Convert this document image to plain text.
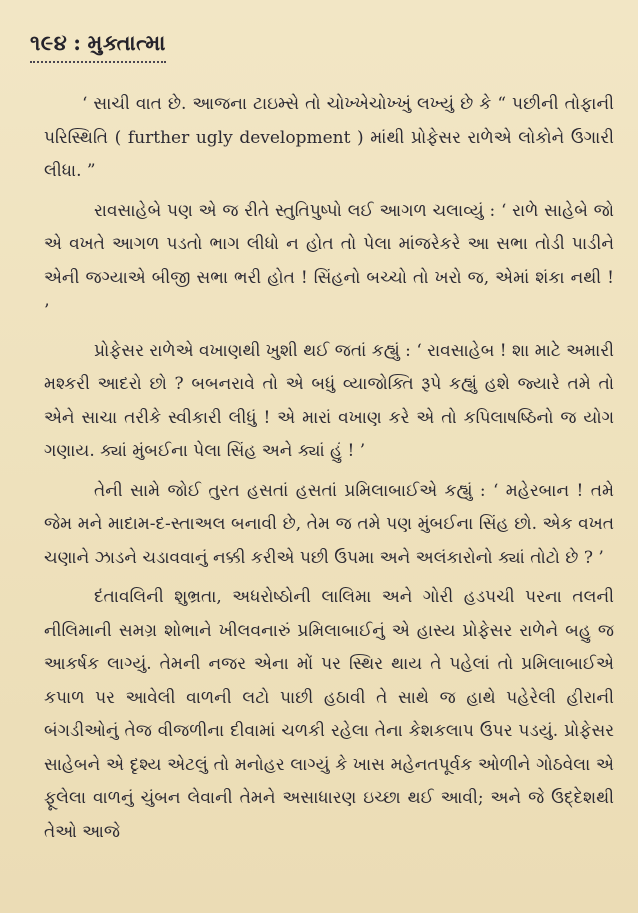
૧૯૪ : મુક્તાત્મા

‘ સાચી વાત છે. આજના ટાઇમ્સે તો ચોખ્ખેચોખ્ખું લખ્યું છે કે “ પછીની તોફાની પરિસ્થિતિ ( further ugly development ) માંથી પ્રોફેસર રાળેએ લોકોને ઉગારી લીધા. ”

રાવસાહેબે પણ એ જ રીતે સ્તુતિપુષ્પો લઈ આગળ ચલાવ્યું : ‘ રાળે સાહેબે જો એ વખતે આગળ પડતો ભાગ લીધો ન હોત તો પેલા માંજરેકરે આ સભા તોડી પાડીને એની જગ્યાએ બીજી સભા ભરી હોત ! સિંહનો બચ્ચો તો ખરો જ, એમાં શંકા નથી ! ’

પ્રોફેસર રાળેએ વખાણથી ખુશી થઈ જતાં કહ્યું : ‘ રાવસાહેબ ! શા માટે અમારી મશ્કરી આદરો છો ? બબનરાવે તો એ બધું વ્યાજોક્તિ રૂપે કહ્યું હશે જ્યારે તમે તો એને સાચા તરીકે સ્વીકારી લીધું ! એ મારાં વખાણ કરે એ તો કપિલાષષ્ઠિનો જ યોગ ગણાય. ક્યાં મુંબઈના પેલા સિંહ અને ક્યાં હું ! ’

તેની સામે જોઈ તુરત હસતાં હસતાં પ્રમિલાબાઈએ કહ્યું : ‘ મહેરબાન ! તમે જેમ મને માદામ-દ-સ્તાઅલ બનાવી છે, તેમ જ તમે પણ મુંબઈના સિંહ છો. એક વખત ચણાને ઝાડને ચડાવવાનું નક્કી કરીએ પછી ઉપમા અને અલંકારોનો ક્યાં તોટો છે ? ’

દંતાવલિની શુભ્રતા, અધરોષ્ઠોની લાલિમા અને ગોરી હડપચી પરના તલની નીલિમાની સમગ્ર શોભાને ખીલવનારું પ્રમિલાબાઈનું એ હાસ્ય પ્રોફેસર રાળેને બહુ જ આકર્ષક લાગ્યું. તેમની નજર એના મોં પર સ્થિર થાય તે પહેલાં તો પ્રમિલાબાઈએ કપાળ પર આવેલી વાળની લટો પાછી હઠાવી તે સાથે જ હાથે પહેરેલી હીરાની બંગડીઓનું તેજ વીજળીના દીવામાં ચળકી રહેલા તેના કેશકલાપ ઉપર પડયું. પ્રોફેસર સાહેબને એ દૃશ્ય એટલું તો મનોહર લાગ્યું કે ખાસ મહેનતપૂર્વક ઓળીને ગોઠવેલા એ ફૂલેલા વાળનું ચુંબન લેવાની તેમને અસાધારણ ઇચ્છા થઈ આવી; અને જે ઉદ્દેશથી તેઓ આજે
